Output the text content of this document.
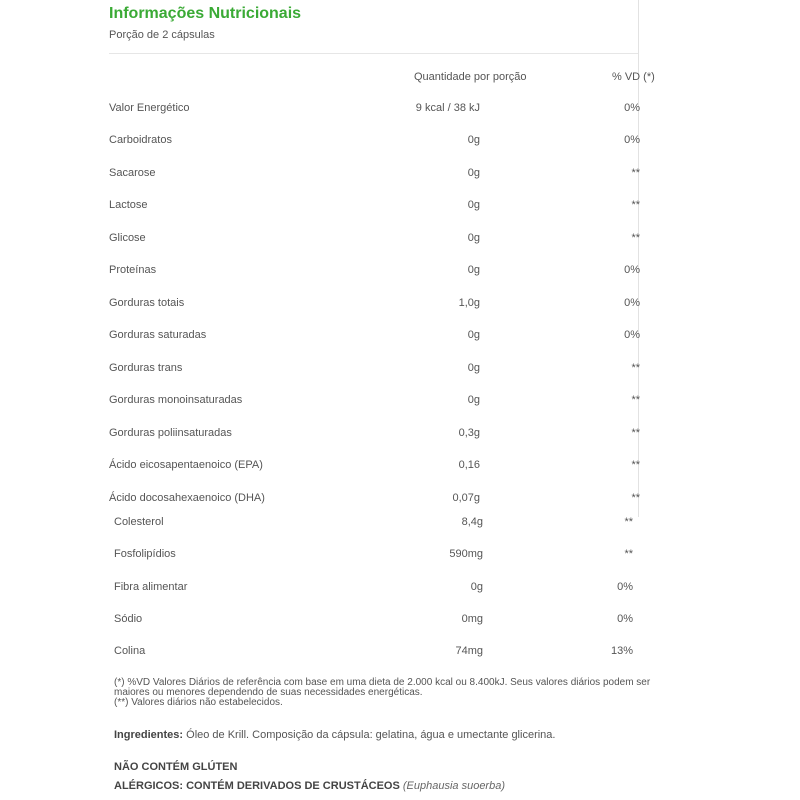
Informações Nutricionais
Porção de 2 cápsulas
Quantidade por porção	% VD (*)
Valor Energético	9 kcal / 38 kJ	0%
Carboidratos	0g	0%
Sacarose	0g	**
Lactose	0g	**
Glicose	0g	**
Proteínas	0g	0%
Gorduras totais	1,0g	0%
Gorduras saturadas	0g	0%
Gorduras trans	0g	**
Gorduras monoinsaturadas	0g	**
Gorduras poliinsaturadas	0,3g	**
Ácido eicosapentaenoico (EPA)	0,16	**
Ácido docosahexaenoico (DHA)	0,07g	**
Colesterol	8,4g	**
Fosfolipídios	590mg	**
Fibra alimentar	0g	0%
Sódio	0mg	0%
Colina	74mg	13%
(*) %VD Valores Diários de referência com base em uma dieta de 2.000 kcal ou 8.400kJ. Seus valores diários podem ser
maiores ou menores dependendo de suas necessidades energéticas.
(**) Valores diários não estabelecidos.
Ingredientes: Óleo de Krill. Composição da cápsula: gelatina, água e umectante glicerina.
NÃO CONTÉM GLÚTEN
ALÉRGICOS: CONTÉM DERIVADOS DE CRUSTÁCEOS (Euphausia suoerba)
